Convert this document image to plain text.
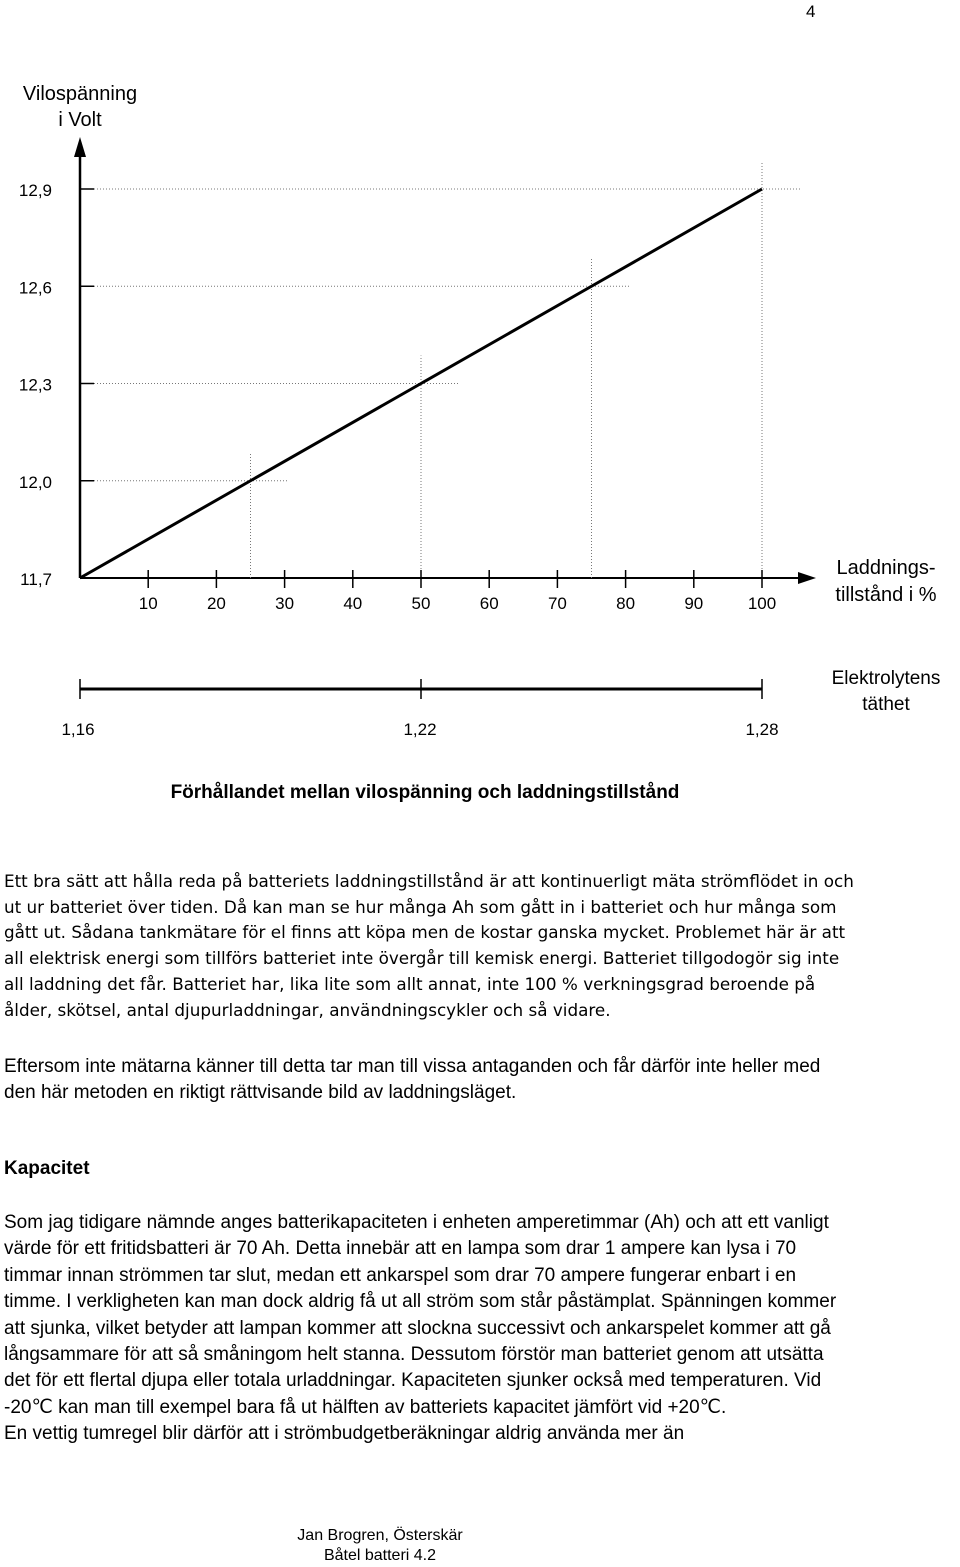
4
Vilospänning
i Volt
12,9
12,6
12,3
12,0
11,7
10	20	30	40	50	60	70	80	90	100
Laddnings-
tillstånd i %
1,16	1,22	1,28
Elektrolytens
täthet
Förhållandet mellan vilospänning och laddningstillstånd

Ett bra sätt att hålla reda på batteriets laddningstillstånd är att kontinuerligt mäta strömflödet in och ut ur batteriet över tiden. Då kan man se hur många Ah som gått in i batteriet och hur många som gått ut. Sådana tankmätare för el finns att köpa men de kostar ganska mycket. Problemet här är att all elektrisk energi som tillförs batteriet inte övergår till kemisk energi. Batteriet tillgodogör sig inte all laddning det får. Batteriet har, lika lite som allt annat, inte 100 % verkningsgrad beroende på ålder, skötsel, antal djupurladdningar, användningscykler och så vidare.

Eftersom inte mätarna känner till detta tar man till vissa antaganden och får därför inte heller med den här metoden en riktigt rättvisande bild av laddningsläget.

Kapacitet

Som jag tidigare nämnde anges batterikapaciteten i enheten amperetimmar (Ah) och att ett vanligt värde för ett fritidsbatteri är 70 Ah. Detta innebär att en lampa som drar 1 ampere kan lysa i 70 timmar innan strömmen tar slut, medan ett ankarspel som drar 70 ampere fungerar enbart i en timme. I verkligheten kan man dock aldrig få ut all ström som står påstämplat. Spänningen kommer att sjunka, vilket betyder att lampan kommer att slockna successivt och ankarspelet kommer att gå långsammare för att så småningom helt stanna. Dessutom förstör man batteriet genom att utsätta det för ett flertal djupa eller totala urladdningar. Kapaciteten sjunker också med temperaturen. Vid -20℃ kan man till exempel bara få ut hälften av batteriets kapacitet jämfört vid +20℃.
En vettig tumregel blir därför att i strömbudgetberäkningar aldrig använda mer än

Jan Brogren, Österskär
Båtel batteri 4.2
